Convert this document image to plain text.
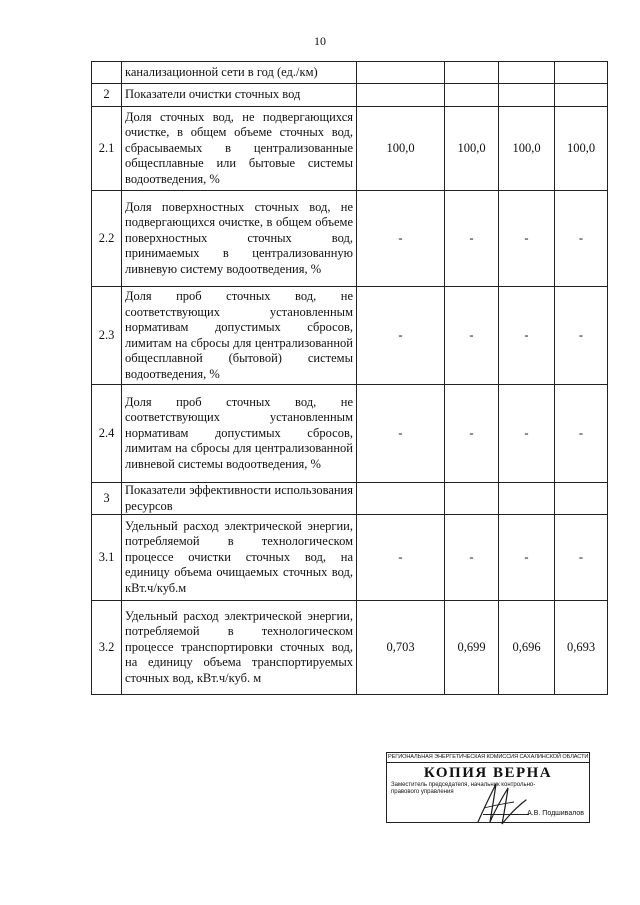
10
	канализационной сети в год (ед./км)				
2	Показатели очистки сточных вод				
2.1	Доля сточных вод, не подвергающихся очистке, в общем объеме сточных вод, сбрасываемых в централизованные общесплавные или бытовые системы водоотведения, %	100,0	100,0	100,0	100,0
2.2	Доля поверхностных сточных вод, не подвергающихся очистке, в общем объеме поверхностных сточных вод, принимаемых в централизованную ливневую систему водоотведения, %	-	-	-	-
2.3	Доля проб сточных вод, не соответствующих установленным нормативам допустимых сбросов, лимитам на сбросы для централизованной общесплавной (бытовой) системы водоотведения, %	-	-	-	-
2.4	Доля проб сточных вод, не соответствующих установленным нормативам допустимых сбросов, лимитам на сбросы для централизованной ливневой системы водоотведения, %	-	-	-	-
3	Показатели эффективности использования ресурсов				
3.1	Удельный расход электрической энергии, потребляемой в технологическом процессе очистки сточных вод, на единицу объема очищаемых сточных вод, кВт.ч/куб.м	-	-	-	-
3.2	Удельный расход электрической энергии, потребляемой в технологическом процессе транспортировки сточных вод, на единицу объема транспортируемых сточных вод, кВт.ч/куб. м	0,703	0,699	0,696	0,693
РЕГИОНАЛЬНАЯ ЭНЕРГЕТИЧЕСКАЯ КОМИССИЯ САХАЛИНСКОЙ ОБЛАСТИ
КОПИЯ ВЕРНА
Заместитель председателя, начальник контрольно-правового управления
А.В. Подшивалов
